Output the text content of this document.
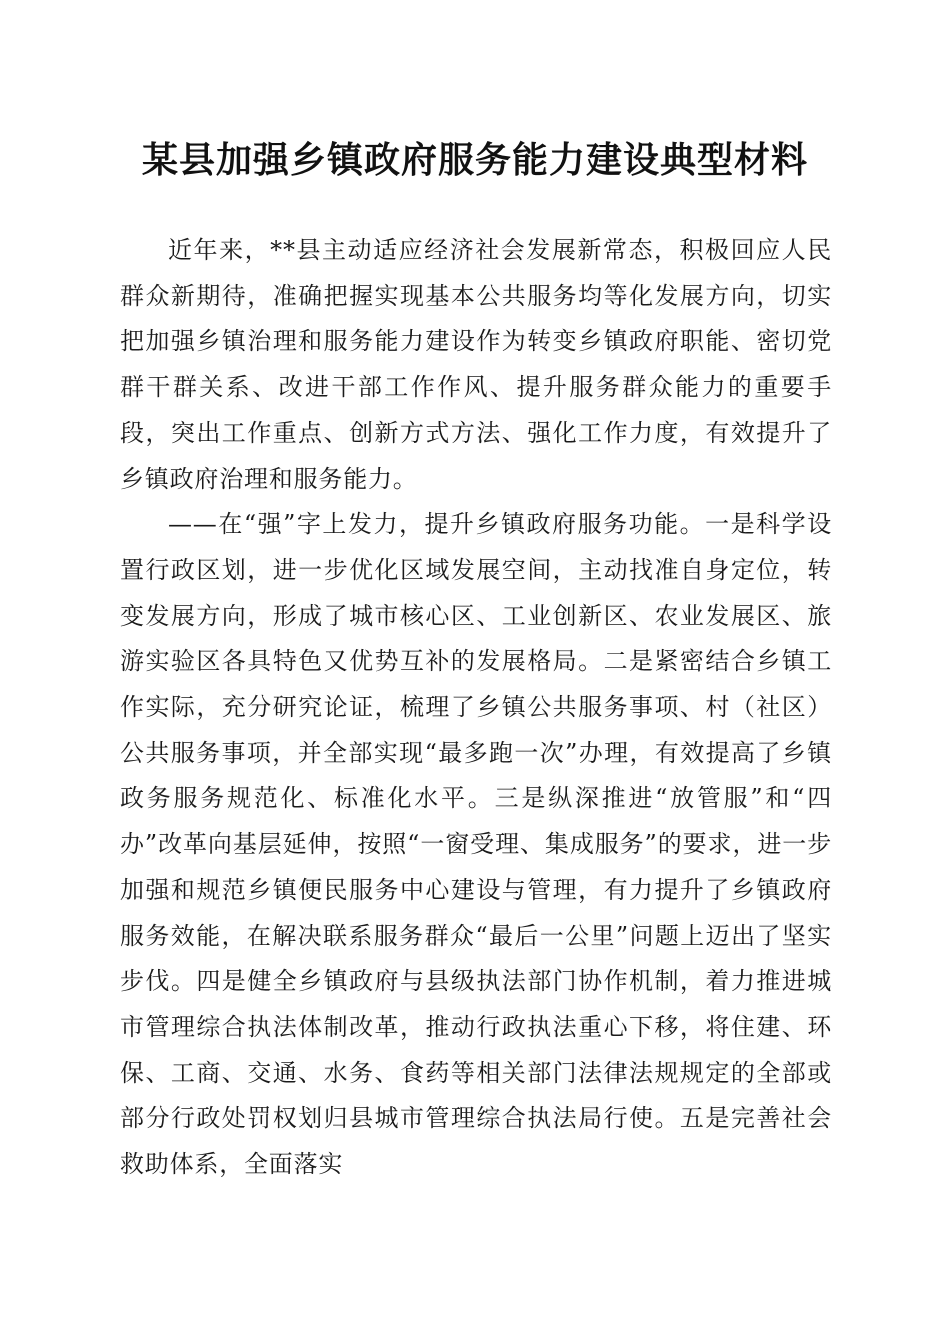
某县加强乡镇政府服务能力建设典型材料

近年来，**县主动适应经济社会发展新常态，积极回应人民群众新期待，准确把握实现基本公共服务均等化发展方向，切实把加强乡镇治理和服务能力建设作为转变乡镇政府职能、密切党群干群关系、改进干部工作作风、提升服务群众能力的重要手段，突出工作重点、创新方式方法、强化工作力度，有效提升了乡镇政府治理和服务能力。

——在“强”字上发力，提升乡镇政府服务功能。一是科学设置行政区划，进一步优化区域发展空间，主动找准自身定位，转变发展方向，形成了城市核心区、工业创新区、农业发展区、旅游实验区各具特色又优势互补的发展格局。二是紧密结合乡镇工作实际，充分研究论证，梳理了乡镇公共服务事项、村（社区）公共服务事项，并全部实现“最多跑一次”办理，有效提高了乡镇政务服务规范化、标准化水平。三是纵深推进“放管服”和“四办”改革向基层延伸，按照“一窗受理、集成服务”的要求，进一步加强和规范乡镇便民服务中心建设与管理，有力提升了乡镇政府服务效能，在解决联系服务群众“最后一公里”问题上迈出了坚实步伐。四是健全乡镇政府与县级执法部门协作机制，着力推进城市管理综合执法体制改革，推动行政执法重心下移，将住建、环保、工商、交通、水务、食药等相关部门法律法规规定的全部或部分行政处罚权划归县城市管理综合执法局行使。五是完善社会救助体系，全面落实
